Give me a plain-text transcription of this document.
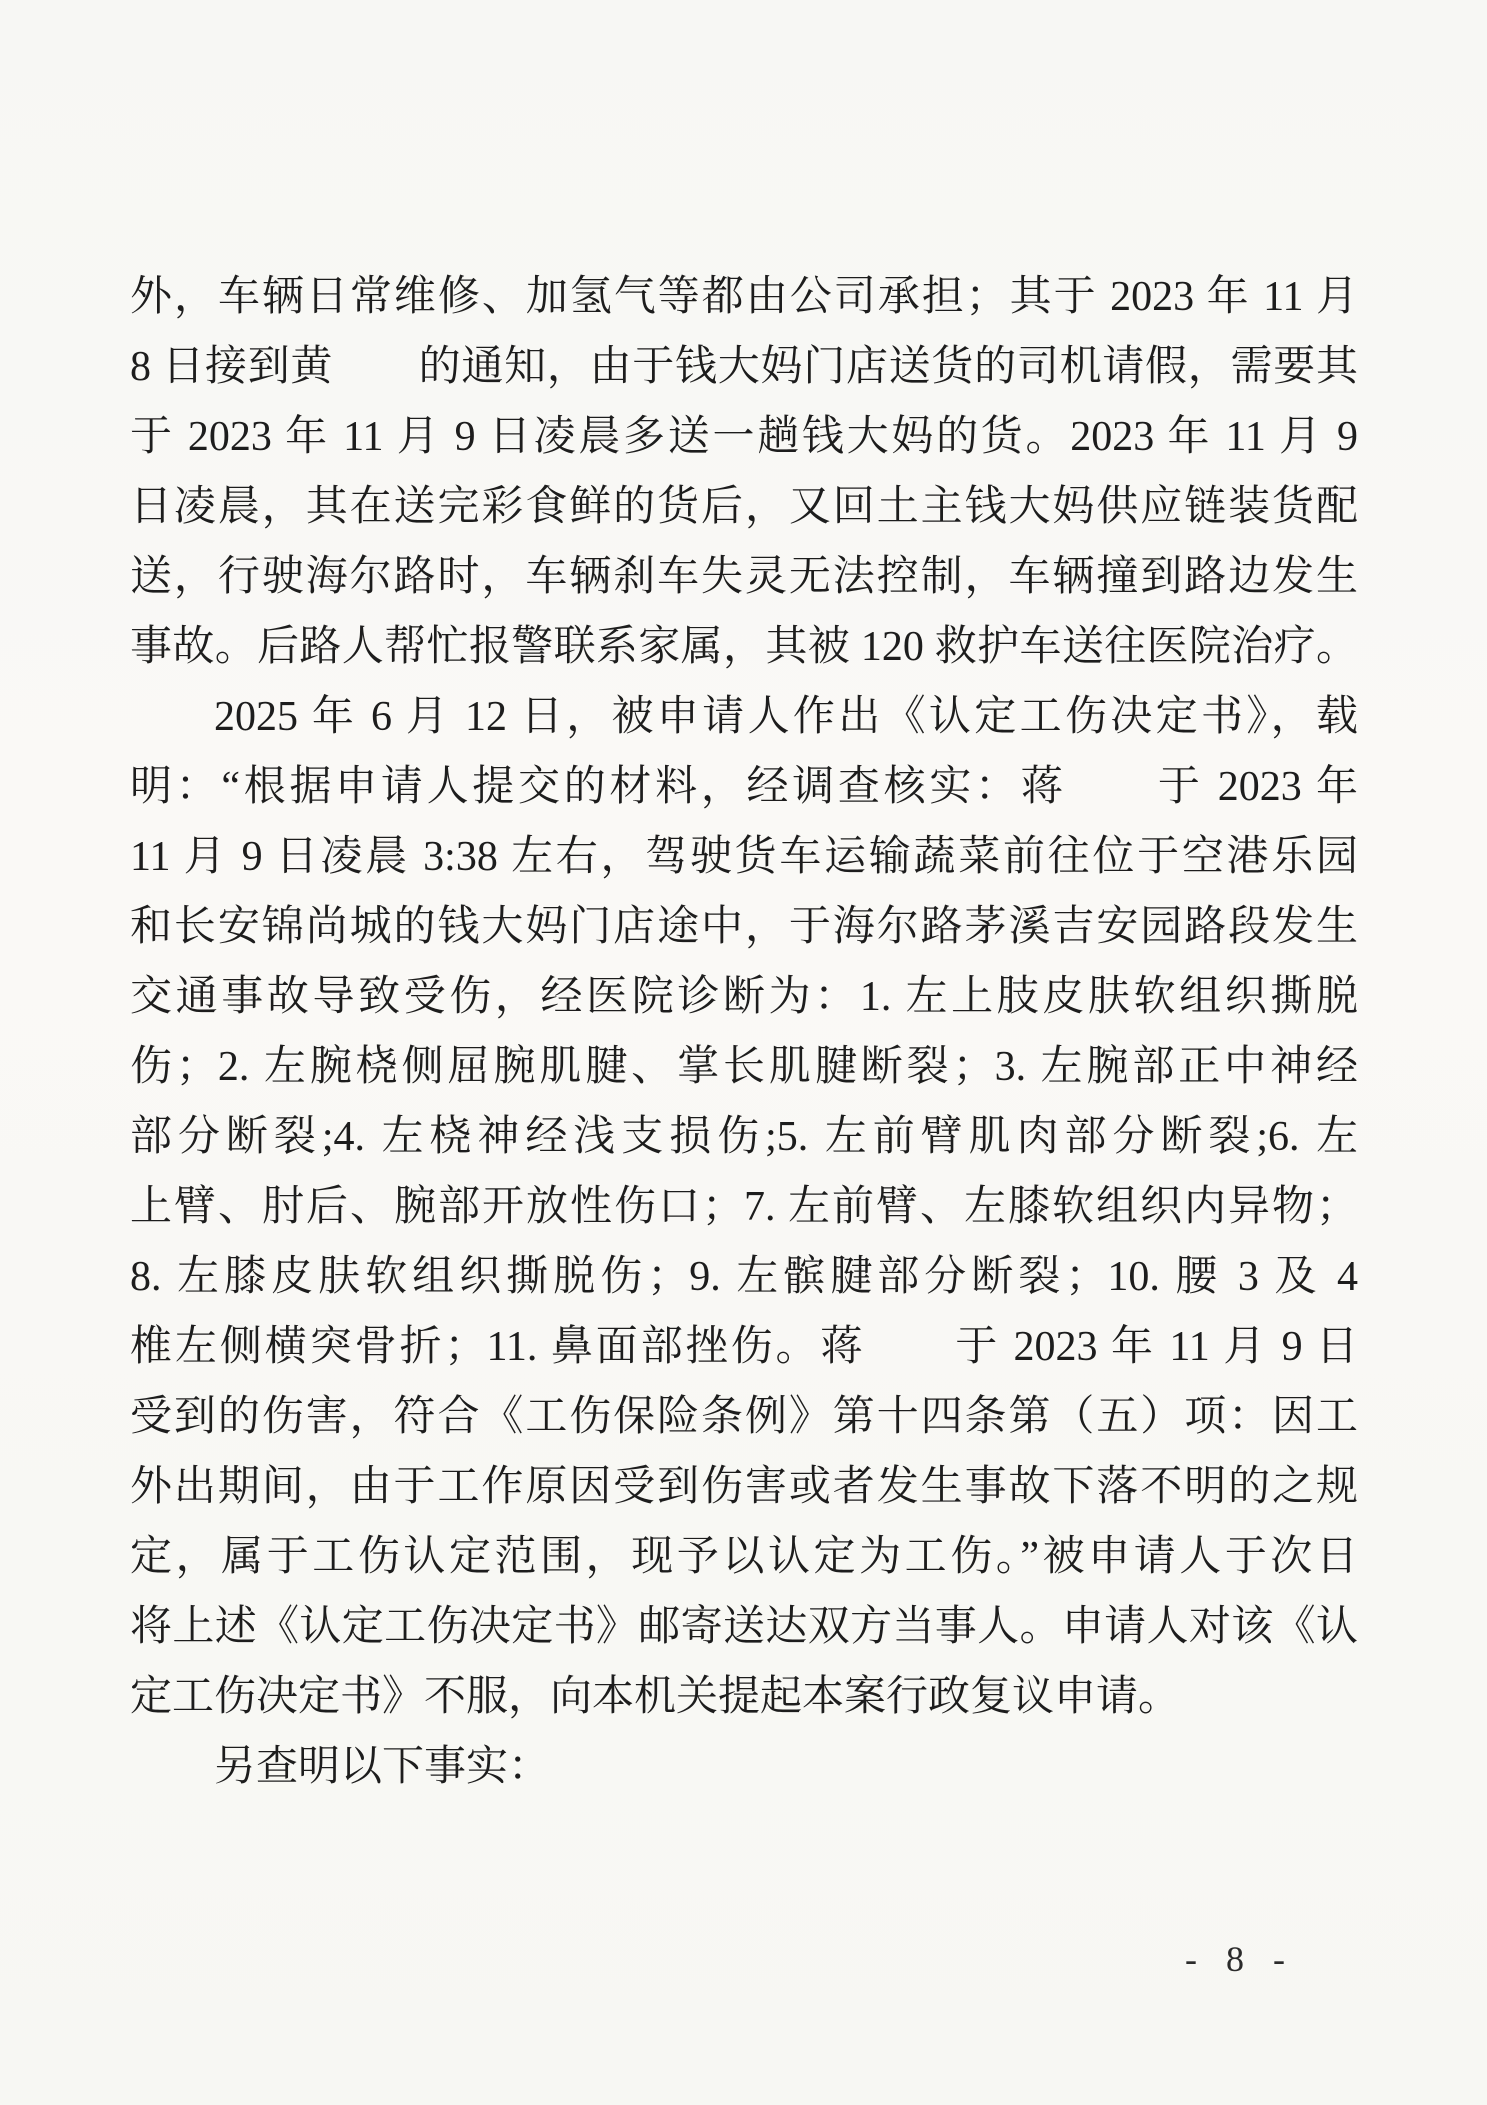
外，车辆日常维修、加氢气等都由公司承担；其于 2023 年 11 月
8 日接到黄　　的通知，由于钱大妈门店送货的司机请假，需要其
于 2023 年 11 月 9 日凌晨多送一趟钱大妈的货。2023 年 11 月 9
日凌晨，其在送完彩食鲜的货后，又回土主钱大妈供应链装货配
送，行驶海尔路时，车辆刹车失灵无法控制，车辆撞到路边发生
事故。后路人帮忙报警联系家属，其被 120 救护车送往医院治疗。
2025 年 6 月 12 日，被申请人作出《认定工伤决定书》，载
明：“根据申请人提交的材料，经调查核实：蒋　　于 2023 年
11 月 9 日凌晨 3:38 左右，驾驶货车运输蔬菜前往位于空港乐园
和长安锦尚城的钱大妈门店途中，于海尔路茅溪吉安园路段发生
交通事故导致受伤，经医院诊断为：1. 左上肢皮肤软组织撕脱
伤；2. 左腕桡侧屈腕肌腱、掌长肌腱断裂；3. 左腕部正中神经
部分断裂;4. 左桡神经浅支损伤;5. 左前臂肌肉部分断裂;6. 左
上臂、肘后、腕部开放性伤口；7. 左前臂、左膝软组织内异物；
8. 左膝皮肤软组织撕脱伤；9. 左髌腱部分断裂；10. 腰 3 及 4
椎左侧横突骨折；11. 鼻面部挫伤。蒋　　于 2023 年 11 月 9 日
受到的伤害，符合《工伤保险条例》第十四条第（五）项：因工
外出期间，由于工作原因受到伤害或者发生事故下落不明的之规
定，属于工伤认定范围，现予以认定为工伤。”被申请人于次日
将上述《认定工伤决定书》邮寄送达双方当事人。申请人对该《认
定工伤决定书》不服，向本机关提起本案行政复议申请。
另查明以下事实：
- 8 -
